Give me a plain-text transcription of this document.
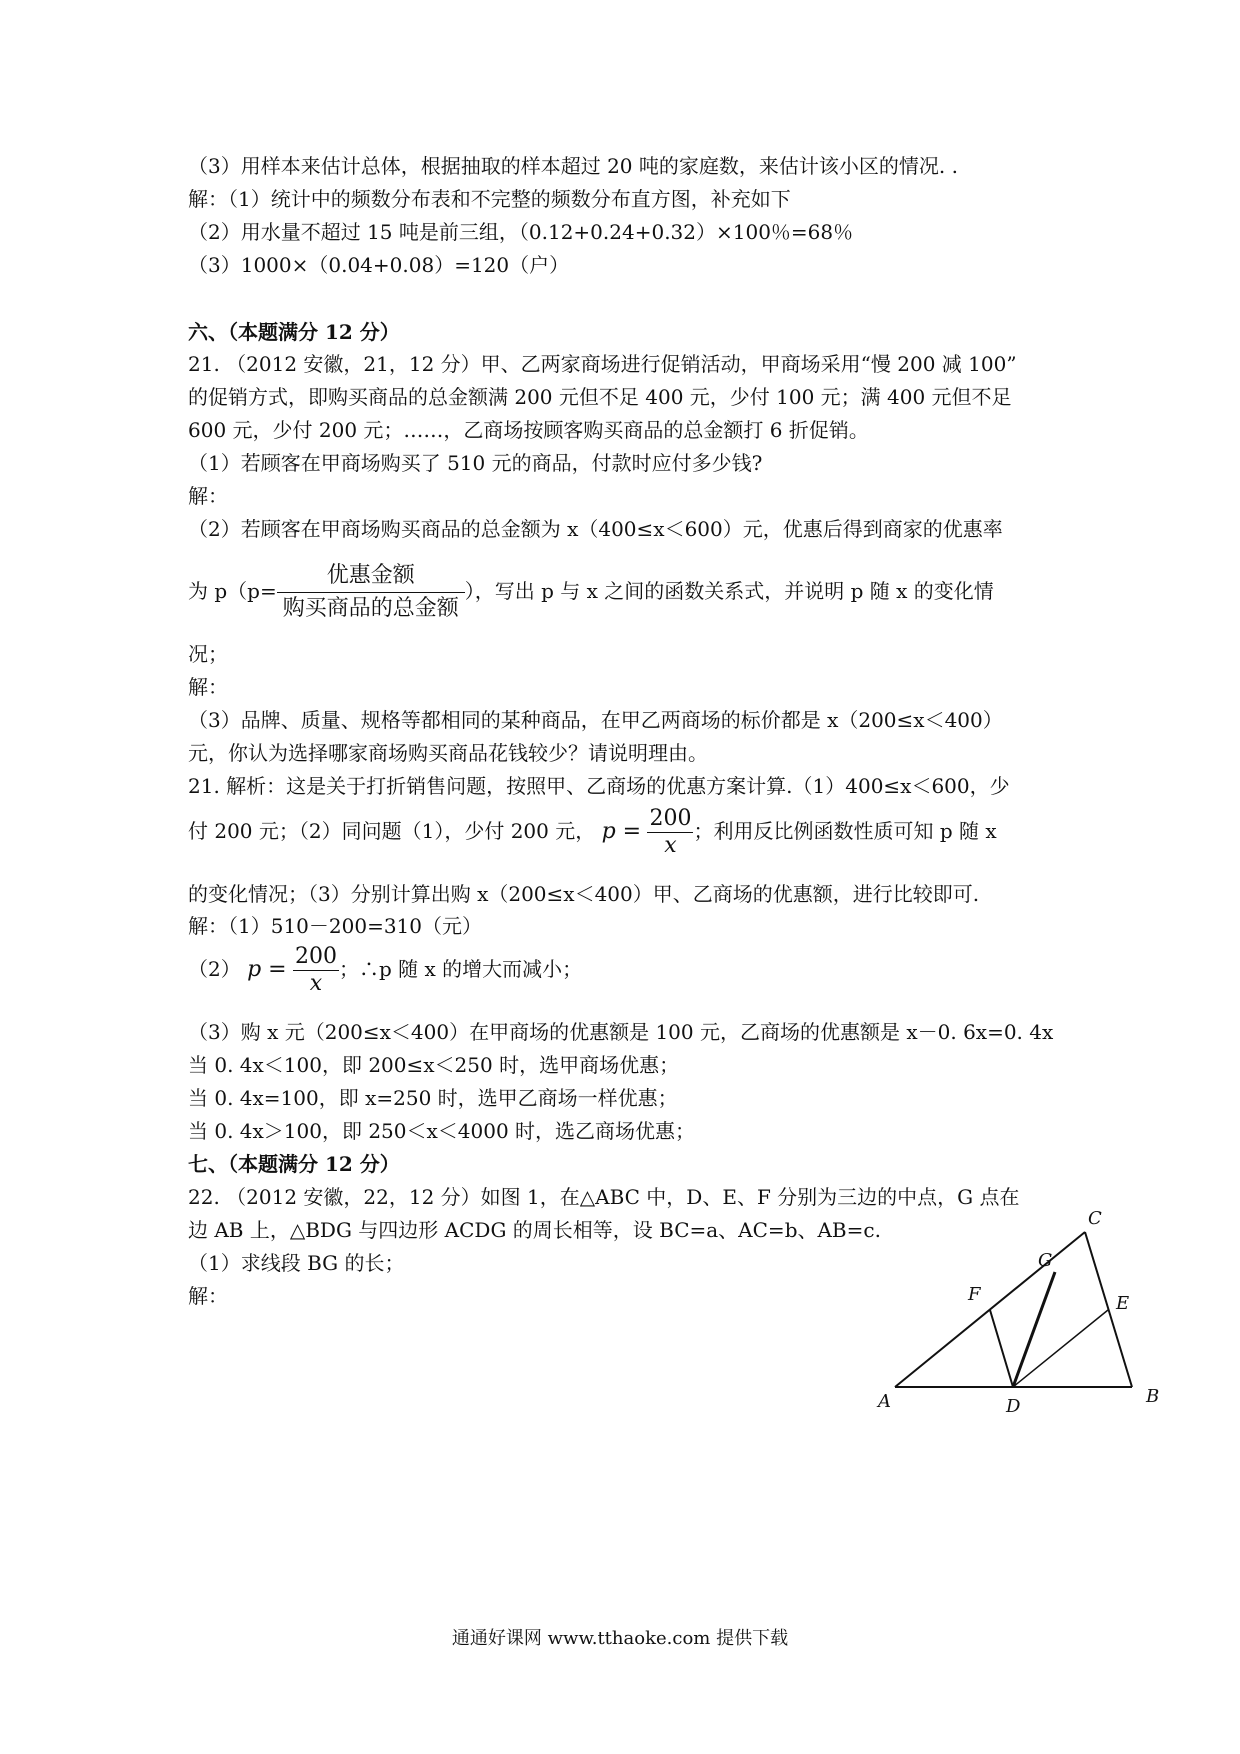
（3）用样本来估计总体，根据抽取的样本超过 20 吨的家庭数，来估计该小区的情况. .
解：（1）统计中的频数分布表和不完整的频数分布直方图，补充如下
（2）用水量不超过 15 吨是前三组，（0.12+0.24+0.32）×100％=68％
（3）1000×（0.04+0.08）=120（户）
六、（本题满分 12 分）
21. （2012 安徽，21，12 分）甲、乙两家商场进行促销活动，甲商场采用“慢 200 减 100”
的促销方式，即购买商品的总金额满 200 元但不足 400 元，少付 100 元；满 400 元但不足
600 元，少付 200 元；……，乙商场按顾客购买商品的总金额打 6 折促销。
（1）若顾客在甲商场购买了 510 元的商品，付款时应付多少钱?
解：
（2）若顾客在甲商场购买商品的总金额为 x（400≤x＜600）元，优惠后得到商家的优惠率
为 $p(p= \frac{\text{优惠金额}}{\text{购买商品的总金额}}$ ），写出 p 与 x 之间的函数关系式，并说明 p 随 x 的变化情
况；
解：
（3）品牌、质量、规格等都相同的某种商品，在甲乙两商场的标价都是 x（200≤x＜400）
元，你认为选择哪家商场购买商品花钱较少？请说明理由。
21. 解析：这是关于打折销售问题，按照甲、乙商场的优惠方案计算.（1）400≤x＜600，少
付 200 元；（2）同问题（1），少付 200 元， $p = \frac{200}{x}$ ；利用反比例函数性质可知 p 随 x
的变化情况；（3）分别计算出购 x（200≤x＜400）甲、乙商场的优惠额，进行比较即可.
解：（1）510－200=310（元）
（2） $p = \frac{200}{x}$ ；∴p 随 x 的增大而减小；
（3）购 x 元（200≤x＜400）在甲商场的优惠额是 100 元，乙商场的优惠额是 x－0. 6x=0. 4x
当 0. 4x＜100，即 200≤x＜250 时，选甲商场优惠；
当 0. 4x=100，即 x=250 时，选甲乙商场一样优惠；
当 0. 4x＞100，即 250＜x＜4000 时，选乙商场优惠；
七、（本题满分 12 分）
22. （2012 安徽，22，12 分）如图 1，在△ABC 中，D、E、F 分别为三边的中点，G 点在
边 AB 上，△BDG 与四边形 ACDG 的周长相等，设 BC=a、AC=b、AB=c.
（1）求线段 BG 的长；
解：
A	B
C
D
E
F
G
通通好课网 www.tthaoke.com 提供下载
